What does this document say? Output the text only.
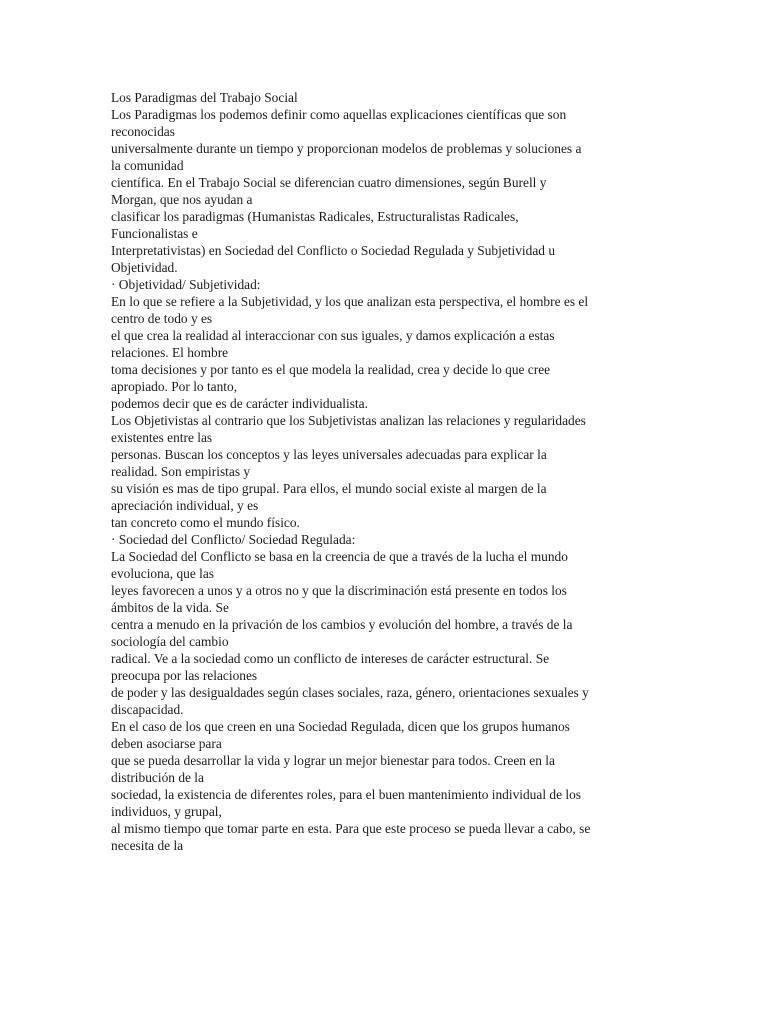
Los Paradigmas del Trabajo Social
Los Paradigmas los podemos definir como aquellas explicaciones científicas que son
reconocidas
universalmente durante un tiempo y proporcionan modelos de problemas y soluciones a
la comunidad
científica. En el Trabajo Social se diferencian cuatro dimensiones, según Burell y
Morgan, que nos ayudan a
clasificar los paradigmas (Humanistas Radicales, Estructuralistas Radicales,
Funcionalistas e
Interpretativistas) en Sociedad del Conflicto o Sociedad Regulada y Subjetividad u
Objetividad.
· Objetividad/ Subjetividad:
En lo que se refiere a la Subjetividad, y los que analizan esta perspectiva, el hombre es el
centro de todo y es
el que crea la realidad al interaccionar con sus iguales, y damos explicación a estas
relaciones. El hombre
toma decisiones y por tanto es el que modela la realidad, crea y decide lo que cree
apropiado. Por lo tanto,
podemos decir que es de carácter individualista.
Los Objetivistas al contrario que los Subjetivistas analizan las relaciones y regularidades
existentes entre las
personas. Buscan los conceptos y las leyes universales adecuadas para explicar la
realidad. Son empiristas y
su visión es mas de tipo grupal. Para ellos, el mundo social existe al margen de la
apreciación individual, y es
tan concreto como el mundo físico.
· Sociedad del Conflicto/ Sociedad Regulada:
La Sociedad del Conflicto se basa en la creencia de que a través de la lucha el mundo
evoluciona, que las
leyes favorecen a unos y a otros no y que la discriminación está presente en todos los
ámbitos de la vida. Se
centra a menudo en la privación de los cambios y evolución del hombre, a través de la
sociología del cambio
radical. Ve a la sociedad como un conflicto de intereses de carácter estructural. Se
preocupa por las relaciones
de poder y las desigualdades según clases sociales, raza, género, orientaciones sexuales y
discapacidad.
En el caso de los que creen en una Sociedad Regulada, dicen que los grupos humanos
deben asociarse para
que se pueda desarrollar la vida y lograr un mejor bienestar para todos. Creen en la
distribución de la
sociedad, la existencia de diferentes roles, para el buen mantenimiento individual de los
individuos, y grupal,
al mismo tiempo que tomar parte en esta. Para que este proceso se pueda llevar a cabo, se
necesita de la
